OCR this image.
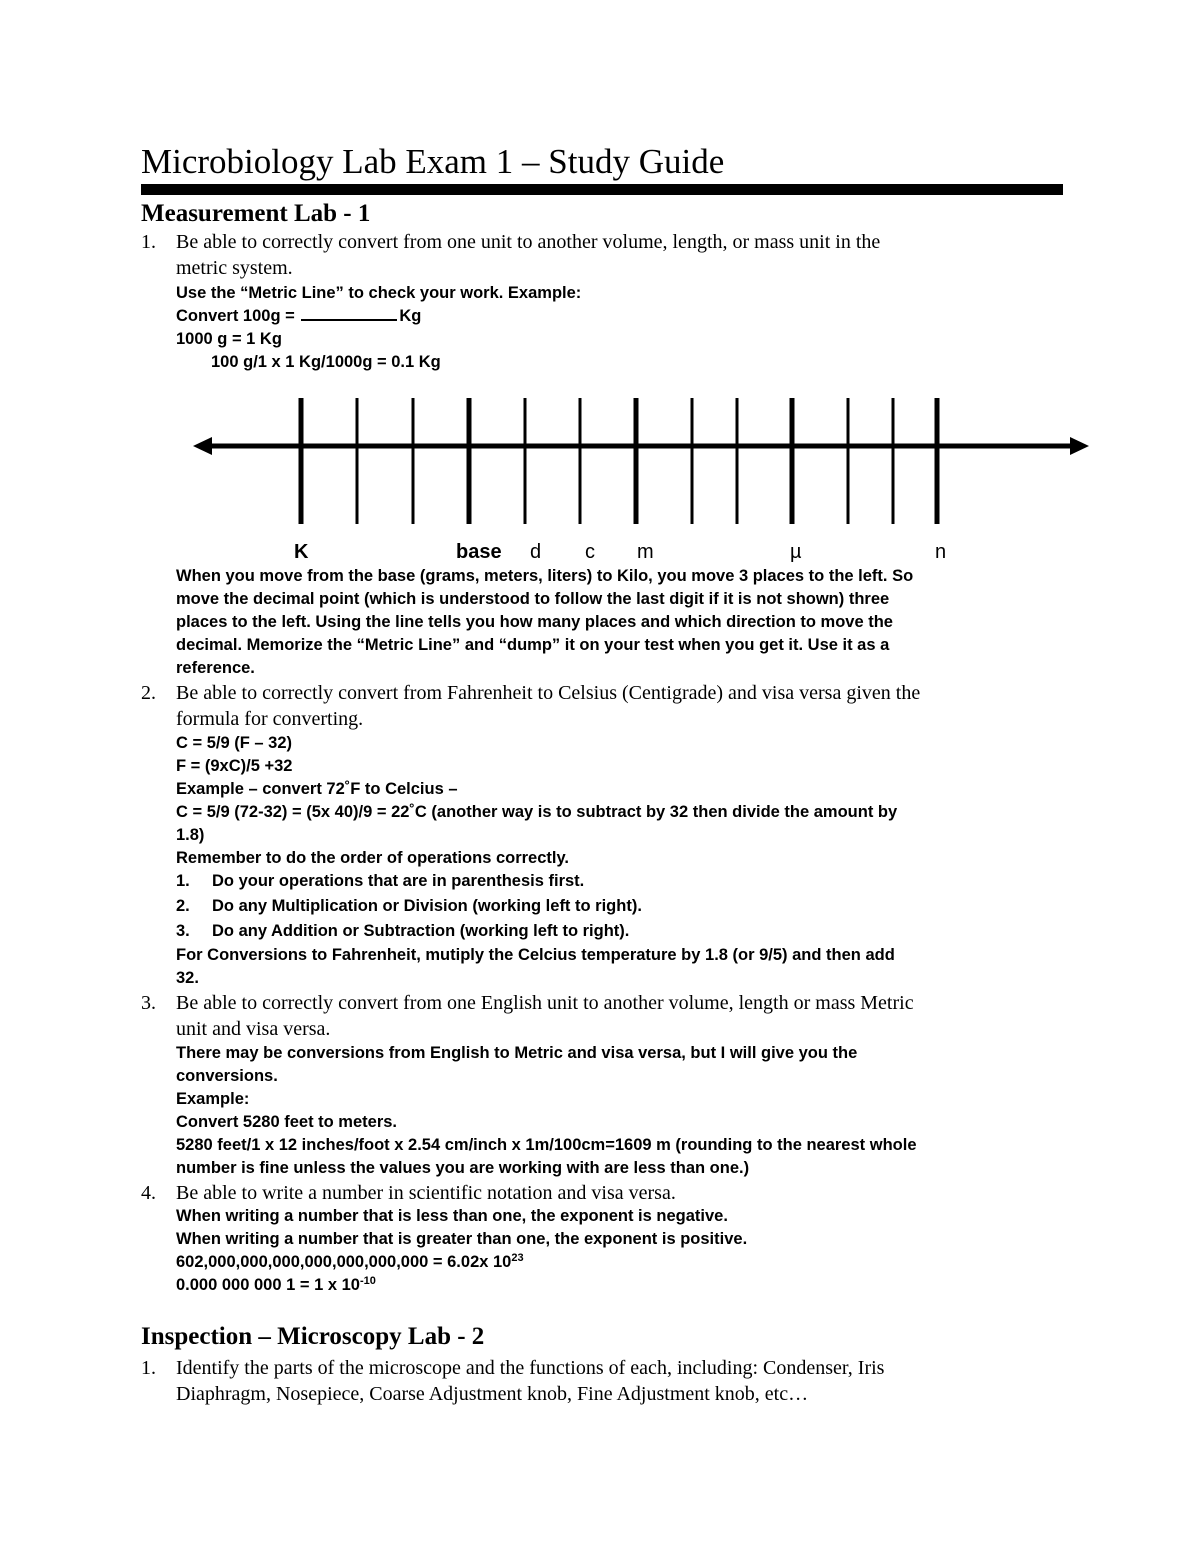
Microbiology Lab Exam 1 – Study Guide
Measurement Lab - 1
1. Be able to correctly convert from one unit to another volume, length, or mass unit in the
metric system.
Use the “Metric Line” to check your work. Example:
Convert 100g =	Kg
1000 g = 1 Kg
100 g/1 x 1 Kg/1000g = 0.1 Kg
K	base d c m	µ	n
When you move from the base (grams, meters, liters) to Kilo, you move 3 places to the left. So
move the decimal point (which is understood to follow the last digit if it is not shown) three
places to the left. Using the line tells you how many places and which direction to move the
decimal. Memorize the “Metric Line” and “dump” it on your test when you get it. Use it as a
reference.
2. Be able to correctly convert from Fahrenheit to Celsius (Centigrade) and visa versa given the
formula for converting.
C = 5/9 (F – 32)
F = (9xC)/5 +32
Example – convert 72˚F to Celcius –
C = 5/9 (72-32) = (5x 40)/9 = 22˚C (another way is to subtract by 32 then divide the amount by
1.8)
Remember to do the order of operations correctly.
1. Do your operations that are in parenthesis first.
2. Do any Multiplication or Division (working left to right).
3. Do any Addition or Subtraction (working left to right).
For Conversions to Fahrenheit, mutiply the Celcius temperature by 1.8 (or 9/5) and then add
32.
3. Be able to correctly convert from one English unit to another volume, length or mass Metric
unit and visa versa.
There may be conversions from English to Metric and visa versa, but I will give you the
conversions.
Example:
Convert 5280 feet to meters.
5280 feet/1 x 12 inches/foot x 2.54 cm/inch x 1m/100cm=1609 m (rounding to the nearest whole
number is fine unless the values you are working with are less than one.)
4. Be able to write a number in scientific notation and visa versa.
When writing a number that is less than one, the exponent is negative.
When writing a number that is greater than one, the exponent is positive.
602,000,000,000,000,000,000,000 = 6.02x $10^{23}$
0.000 000 000 1 = 1 x $10^{-10}$
Inspection – Microscopy Lab - 2
1. Identify the parts of the microscope and the functions of each, including: Condenser, Iris
Diaphragm, Nosepiece, Coarse Adjustment knob, Fine Adjustment knob, etc…
